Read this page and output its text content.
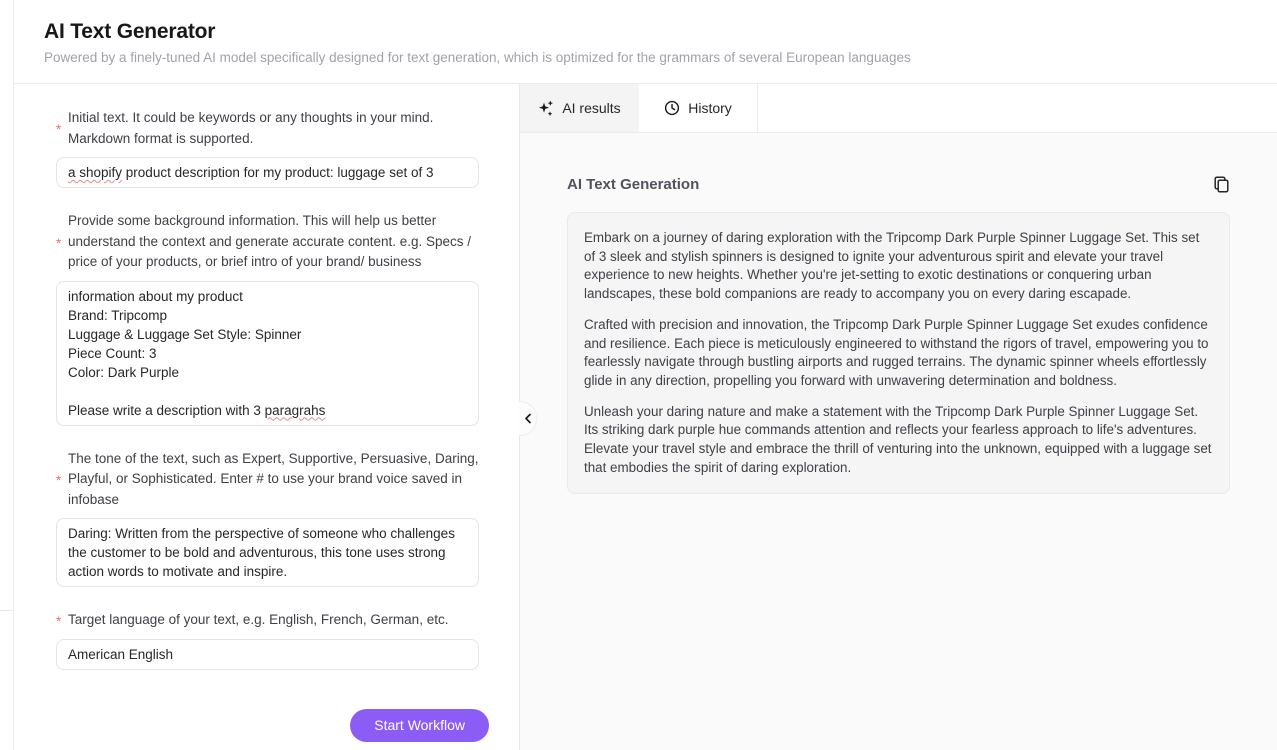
AI Text Generator
Powered by a finely-tuned AI model specifically designed for text generation, which is optimized for the grammars of several European languages
*
Initial text. It could be keywords or any thoughts in your mind. Markdown format is supported.
a shopify product description for my product: luggage set of 3
*
Provide some background information. This will help us better understand the context and generate accurate content. e.g. Specs / price of your products, or brief intro of your brand/ business
information about my product
Brand: Tripcomp
Luggage & Luggage Set Style: Spinner
Piece Count: 3
Color: Dark Purple

Please write a description with 3 paragrahs
*
The tone of the text, such as Expert, Supportive, Persuasive, Daring, Playful, or Sophisticated. Enter # to use your brand voice saved in infobase
Daring: Written from the perspective of someone who challenges the customer to be bold and adventurous, this tone uses strong action words to motivate and inspire.
* Target language of your text, e.g. English, French, German, etc.
American English
Start Workflow
AI results	History
AI Text Generation

Embark on a journey of daring exploration with the Tripcomp Dark Purple Spinner Luggage Set. This set of 3 sleek and stylish spinners is designed to ignite your adventurous spirit and elevate your travel experience to new heights. Whether you're jet-setting to exotic destinations or conquering urban landscapes, these bold companions are ready to accompany you on every daring escapade.

Crafted with precision and innovation, the Tripcomp Dark Purple Spinner Luggage Set exudes confidence and resilience. Each piece is meticulously engineered to withstand the rigors of travel, empowering you to fearlessly navigate through bustling airports and rugged terrains. The dynamic spinner wheels effortlessly glide in any direction, propelling you forward with unwavering determination and boldness.

Unleash your daring nature and make a statement with the Tripcomp Dark Purple Spinner Luggage Set. Its striking dark purple hue commands attention and reflects your fearless approach to life's adventures. Elevate your travel style and embrace the thrill of venturing into the unknown, equipped with a luggage set that embodies the spirit of daring exploration.
